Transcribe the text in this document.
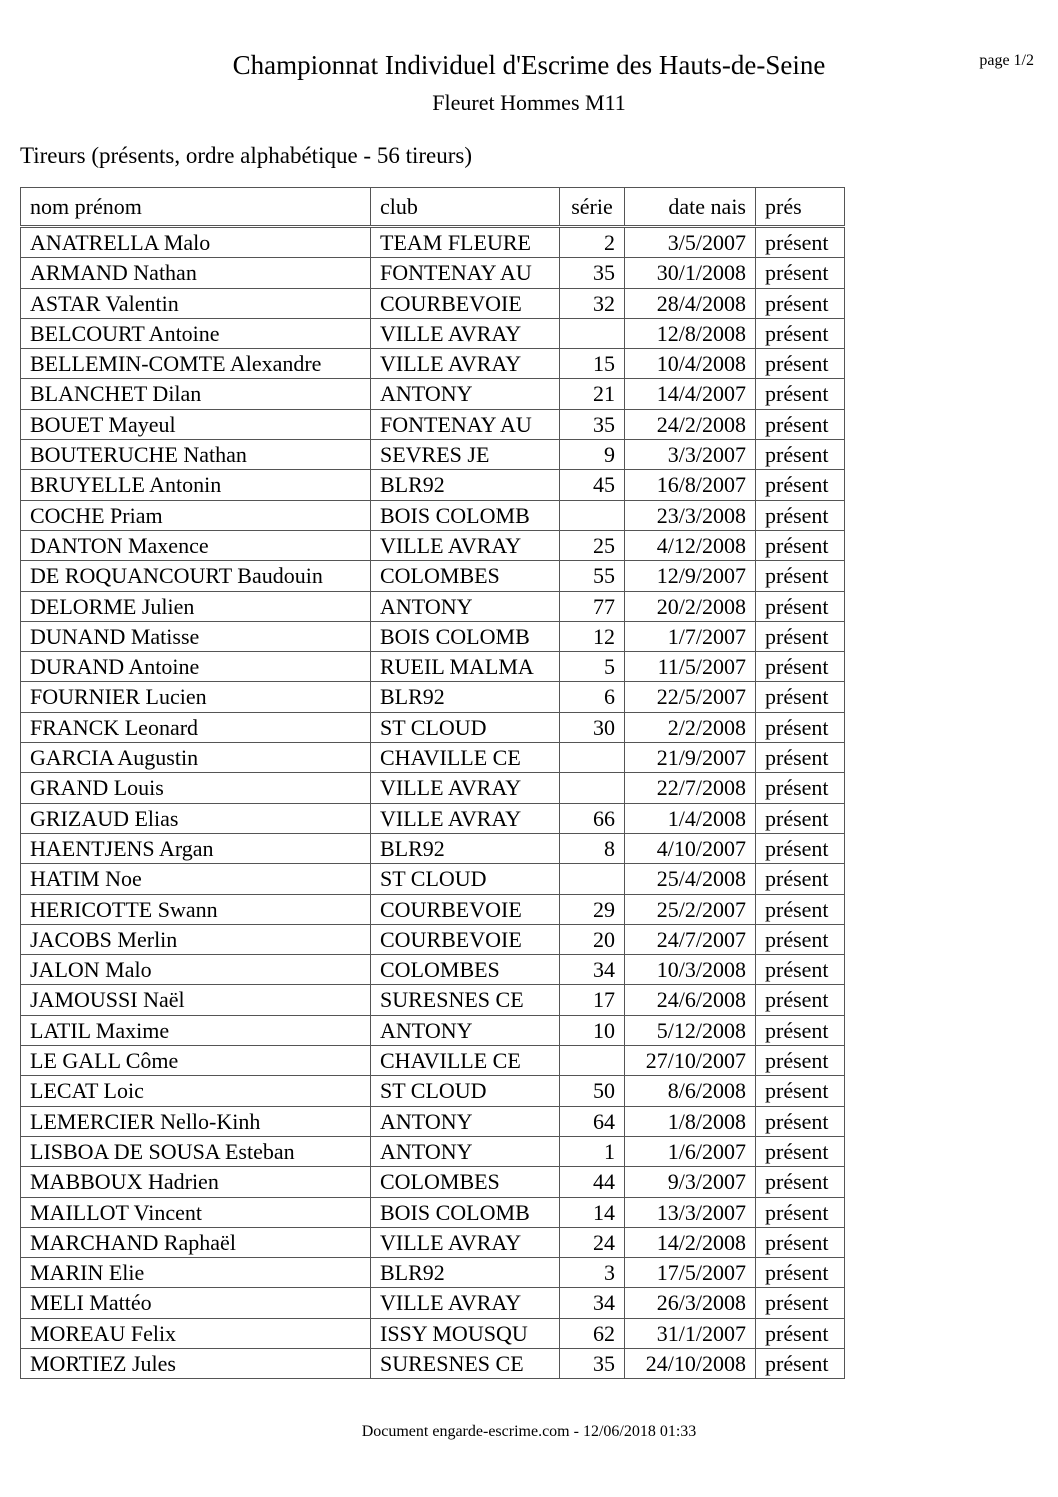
Championnat Individuel d'Escrime des Hauts-de-Seine
Fleuret Hommes M11
page 1/2
Tireurs (présents, ordre alphabétique - 56 tireurs)
nom prénom	club	série	date nais	prés
ANATRELLA Malo	TEAM FLEURE	2	3/5/2007	présent
ARMAND Nathan	FONTENAY AU	35	30/1/2008	présent
ASTAR Valentin	COURBEVOIE	32	28/4/2008	présent
BELCOURT Antoine	VILLE AVRAY		12/8/2008	présent
BELLEMIN-COMTE Alexandre	VILLE AVRAY	15	10/4/2008	présent
BLANCHET Dilan	ANTONY	21	14/4/2007	présent
BOUET Mayeul	FONTENAY AU	35	24/2/2008	présent
BOUTERUCHE Nathan	SEVRES JE	9	3/3/2007	présent
BRUYELLE Antonin	BLR92	45	16/8/2007	présent
COCHE Priam	BOIS COLOMB		23/3/2008	présent
DANTON Maxence	VILLE AVRAY	25	4/12/2008	présent
DE ROQUANCOURT Baudouin	COLOMBES	55	12/9/2007	présent
DELORME Julien	ANTONY	77	20/2/2008	présent
DUNAND Matisse	BOIS COLOMB	12	1/7/2007	présent
DURAND Antoine	RUEIL MALMA	5	11/5/2007	présent
FOURNIER Lucien	BLR92	6	22/5/2007	présent
FRANCK Leonard	ST CLOUD	30	2/2/2008	présent
GARCIA Augustin	CHAVILLE CE		21/9/2007	présent
GRAND Louis	VILLE AVRAY		22/7/2008	présent
GRIZAUD Elias	VILLE AVRAY	66	1/4/2008	présent
HAENTJENS Argan	BLR92	8	4/10/2007	présent
HATIM Noe	ST CLOUD		25/4/2008	présent
HERICOTTE Swann	COURBEVOIE	29	25/2/2007	présent
JACOBS Merlin	COURBEVOIE	20	24/7/2007	présent
JALON Malo	COLOMBES	34	10/3/2008	présent
JAMOUSSI Naël	SURESNES CE	17	24/6/2008	présent
LATIL Maxime	ANTONY	10	5/12/2008	présent
LE GALL Côme	CHAVILLE CE		27/10/2007	présent
LECAT Loic	ST CLOUD	50	8/6/2008	présent
LEMERCIER Nello-Kinh	ANTONY	64	1/8/2008	présent
LISBOA DE SOUSA Esteban	ANTONY	1	1/6/2007	présent
MABBOUX Hadrien	COLOMBES	44	9/3/2007	présent
MAILLOT Vincent	BOIS COLOMB	14	13/3/2007	présent
MARCHAND Raphaël	VILLE AVRAY	24	14/2/2008	présent
MARIN Elie	BLR92	3	17/5/2007	présent
MELI Mattéo	VILLE AVRAY	34	26/3/2008	présent
MOREAU Felix	ISSY MOUSQU	62	31/1/2007	présent
MORTIEZ Jules	SURESNES CE	35	24/10/2008	présent
Document engarde-escrime.com - 12/06/2018 01:33
